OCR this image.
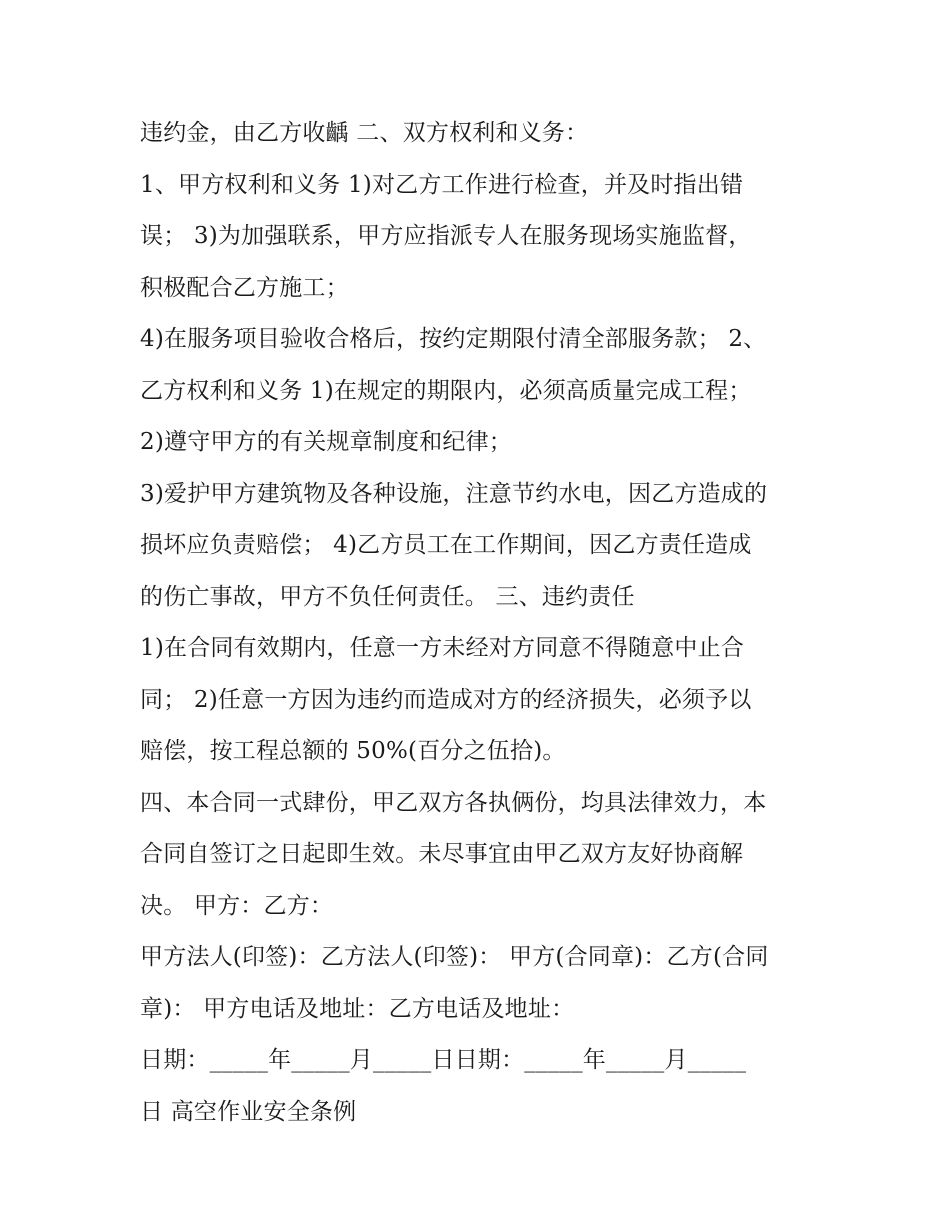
违约金，由乙方收齲 二、双方权利和义务：
1、甲方权利和义务 1)对乙方工作进行检查，并及时指出错
误； 3)为加强联系，甲方应指派专人在服务现场实施监督，
积极配合乙方施工；
4)在服务项目验收合格后，按约定期限付清全部服务款； 2、
乙方权利和义务 1)在规定的期限内，必须高质量完成工程；
2)遵守甲方的有关规章制度和纪律；
3)爱护甲方建筑物及各种设施，注意节约水电，因乙方造成的
损坏应负责赔偿； 4)乙方员工在工作期间，因乙方责任造成
的伤亡事故，甲方不负任何责任。 三、违约责任
1)在合同有效期内，任意一方未经对方同意不得随意中止合
同； 2)任意一方因为违约而造成对方的经济损失，必须予以
赔偿，按工程总额的 50%(百分之伍拾)。
四、本合同一式肆份，甲乙双方各执俩份，均具法律效力，本
合同自签订之日起即生效。未尽事宜由甲乙双方友好协商解
决。 甲方：乙方：
甲方法人(印签)：乙方法人(印签)： 甲方(合同章)：乙方(合同
章)： 甲方电话及地址：乙方电话及地址：
日期：_____年_____月_____日日期：_____年_____月_____
日 高空作业安全条例
